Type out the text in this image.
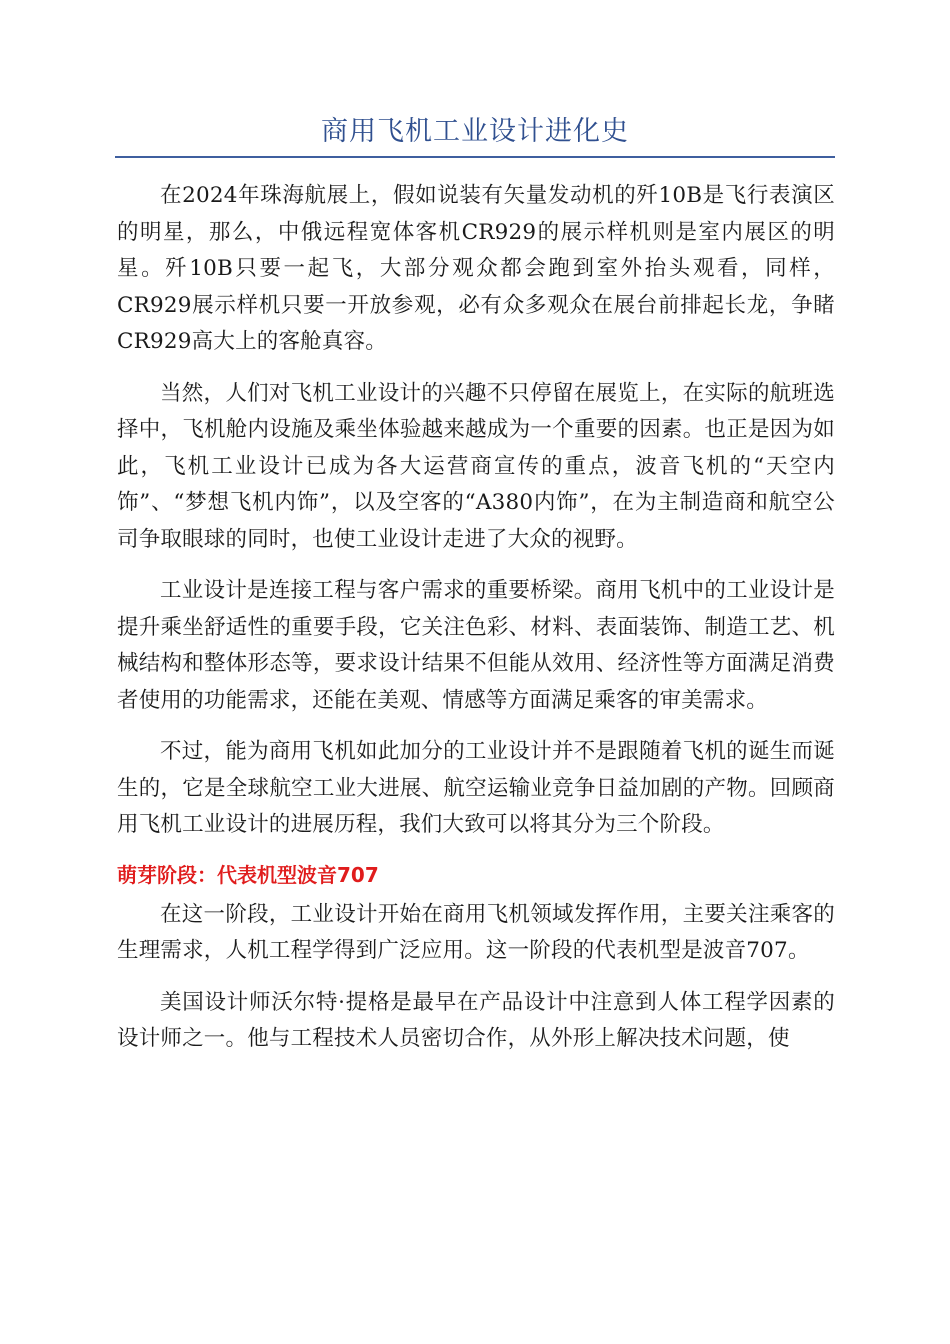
商用飞机工业设计进化史

在2024年珠海航展上，假如说装有矢量发动机的歼10B是飞行表演区的明星，那么，中俄远程宽体客机CR929的展示样机则是室内展区的明星。歼10B只要一起飞，大部分观众都会跑到室外抬头观看，同样，CR929展示样机只要一开放参观，必有众多观众在展台前排起长龙，争睹CR929高大上的客舱真容。

当然，人们对飞机工业设计的兴趣不只停留在展览上，在实际的航班选择中，飞机舱内设施及乘坐体验越来越成为一个重要的因素。也正是因为如此，飞机工业设计已成为各大运营商宣传的重点，波音飞机的“天空内饰”、“梦想飞机内饰”，以及空客的“A380内饰”，在为主制造商和航空公司争取眼球的同时，也使工业设计走进了大众的视野。

工业设计是连接工程与客户需求的重要桥梁。商用飞机中的工业设计是提升乘坐舒适性的重要手段，它关注色彩、材料、表面装饰、制造工艺、机械结构和整体形态等，要求设计结果不但能从效用、经济性等方面满足消费者使用的功能需求，还能在美观、情感等方面满足乘客的审美需求。

不过，能为商用飞机如此加分的工业设计并不是跟随着飞机的诞生而诞生的，它是全球航空工业大进展、航空运输业竞争日益加剧的产物。回顾商用飞机工业设计的进展历程，我们大致可以将其分为三个阶段。

萌芽阶段：代表机型波音707

在这一阶段，工业设计开始在商用飞机领域发挥作用，主要关注乘客的生理需求，人机工程学得到广泛应用。这一阶段的代表机型是波音707。

美国设计师沃尔特·提格是最早在产品设计中注意到人体工程学因素的设计师之一。他与工程技术人员密切合作，从外形上解决技术问题，使
